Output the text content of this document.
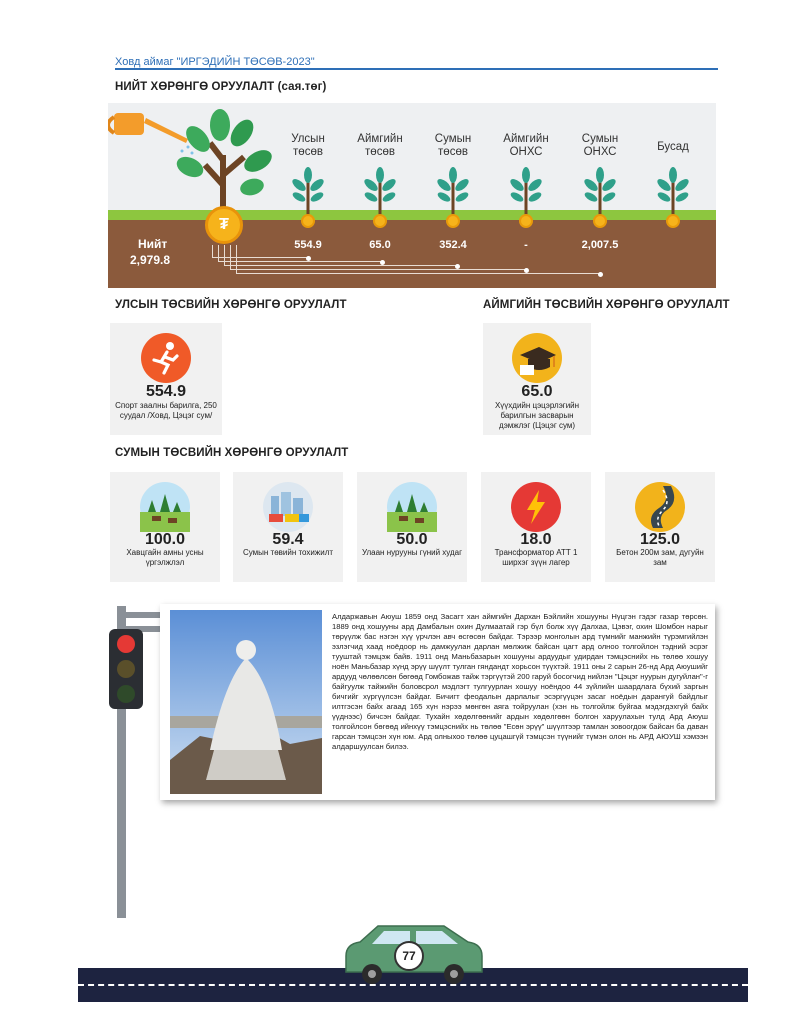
Ховд аймаг "ИРГЭДИЙН ТӨСӨВ-2023"
НИЙТ ХӨРӨНГӨ ОРУУЛАЛТ (сая.төг)
₮
Нийт
2,979.8
Улсын
төсөв
554.9
Аймгийн
төсөв
65.0
Сумын
төсөв
352.4
Аймгийн
ОНХС
-
Сумын
ОНХС
2,007.5
Бусад
УЛСЫН ТӨСВИЙН ХӨРӨНГӨ ОРУУЛАЛТ
554.9
Спорт заалны барилга, 250 суудал /Ховд, Цэцэг сум/
АЙМГИЙН ТӨСВИЙН ХӨРӨНГӨ ОРУУЛАЛТ
65.0
Хүүхдийн цэцэрлэгийн барилгын засварын дэмжлэг (Цэцэг сум)
СУМЫН ТӨСВИЙН ХӨРӨНГӨ ОРУУЛАЛТ
100.0
Хавцгайн амны усны үргэлжлэл
59.4
Сумын төвийн тохижилт
50.0
Улаан нурууны гүний худаг
18.0
Трансформатор АТТ 1 ширхэг зүүн лагер
125.0
Бетон 200м зам, дугуйн зам
Алдаржавын Аюуш 1859 онд Засагт хан аймгийн Дархан Бэйлийн хошууны Нүцгэн гэдэг газар төрсөн. 1889 онд хошууны ард Дамбалын охин Дулмаатай гэр бүл болж хүү Далхаа, Цэвэг, охин Шомбон нарыг төрүүлж бас нэгэн хүү үрчлэн авч өсгөсөн байдаг. Тэрээр монголын ард түмнийг манжийн түрэмгийлэн эзлэгчид хаад ноёдоор нь дамжуулан дарлан мөлжиж байсан цагт ард олноо толгойлон тэдний эсрэг тууштай тэмцэж байв. 1911 онд Маньбазарын хошууны ардуудыг удирдан тэмцэснийх нь төлөө хошуу ноён Маньбазар хүнд эрүү шүүлт тулган гяндандт хорьсон түүхтэй. 1911 оны 2 сарын 26-нд Ард Аюушийг ардууд чөлөөлсөн бөгөөд Гомбожав тайж тэргүүтэй 200 гаруй босогчид нийлэн "Цэцэг нуурын дугуйлан"-г байгуулж тайжийн боловсрол мэдлэгт тулгуурлан хошуу ноёндоо 44 зүйлийн шаардлага бүхий заргын бичгийг хүргүүлсэн байдаг. Бичигт феодалын дарлалыг эсэргүүцэн засаг ноёдын дарангуй байдлыг илтгэсэн байх агаад 165 хүн нэрээ мөнгөн аяга тойруулан (хэн нь толгойлж буйгаа мэдэгдэхгүй байх үүднээс) бичсэн байдаг. Тухайн хөдөлгөөнийг ардын хөдөлгөөн болгон харуулахын тулд Ард Аюуш толгойлсон бөгөөд ийнхүү тэмцэснийх нь төлөө "Есөн эрүү" шүүлтээр тамлан зовоогдож байсан ба даван гарсан тэмцсэн хүн юм. Ард олныхоо төлөө цуцашгүй тэмцсэн түүнийг түмэн олон нь АРД АЮУШ хэмээн алдаршуулсан билээ.
77
